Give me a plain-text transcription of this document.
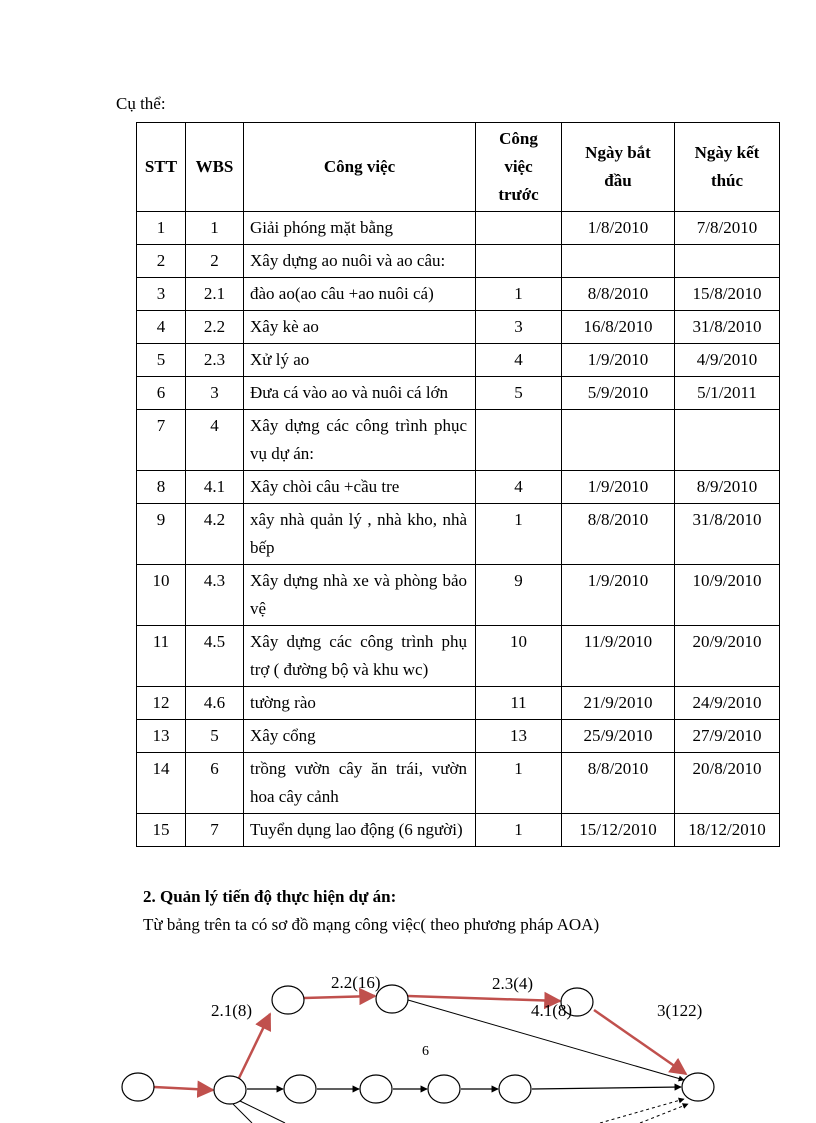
Cụ thể:
STT	WBS	Công việc	Công
việc
trước	Ngày bắt
đầu	Ngày kết
thúc
1	1	Giải phóng mặt bằng		1/8/2010	7/8/2010
2	2	Xây dựng ao nuôi và ao câu:			
3	2.1	đào ao(ao câu +ao nuôi cá)	1	8/8/2010	15/8/2010
4	2.2	Xây kè ao	3	16/8/2010	31/8/2010
5	2.3	Xử lý ao	4	1/9/2010	4/9/2010
6	3	Đưa cá vào ao và nuôi cá lớn	5	5/9/2010	5/1/2011
7	4	Xây dựng các công trình phục vụ dự án:			
8	4.1	Xây chòi câu +cầu tre	4	1/9/2010	8/9/2010
9	4.2	xây nhà quản lý , nhà kho, nhà bếp	1	8/8/2010	31/8/2010
10	4.3	Xây dựng nhà xe và phòng bảo vệ	9	1/9/2010	10/9/2010
11	4.5	Xây dựng các công trình phụ trợ ( đường bộ và khu wc)	10	11/9/2010	20/9/2010
12	4.6	tường rào	11	21/9/2010	24/9/2010
13	5	Xây cổng	13	25/9/2010	27/9/2010
14	6	trồng vườn cây ăn trái, vườn hoa cây cảnh	1	8/8/2010	20/8/2010
15	7	Tuyển dụng lao động (6 người)	1	15/12/2010	18/12/2010
2. Quản lý tiến độ thực hiện dự án:
Từ bảng trên ta có sơ đồ mạng công việc( theo phương pháp AOA)
2.1(8)
2.2(16)	2.3(4)
4.1(8)	3(122)
6
